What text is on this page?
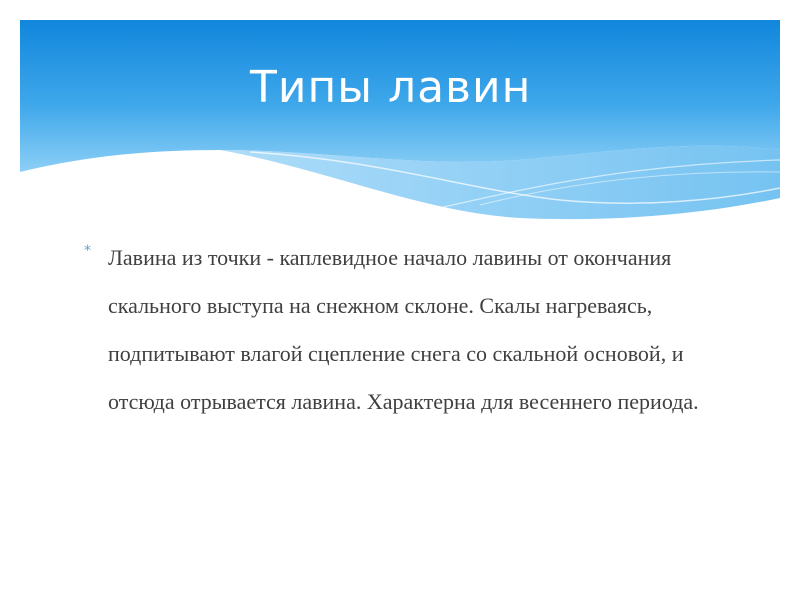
Типы лавин
* Лавина из точки - каплевидное начало лавины от окончания скального выступа на снежном склоне. Скалы нагреваясь, подпитывают влагой сцепление снега со скальной основой, и отсюда отрывается лавина. Характерна для весеннего периода.
